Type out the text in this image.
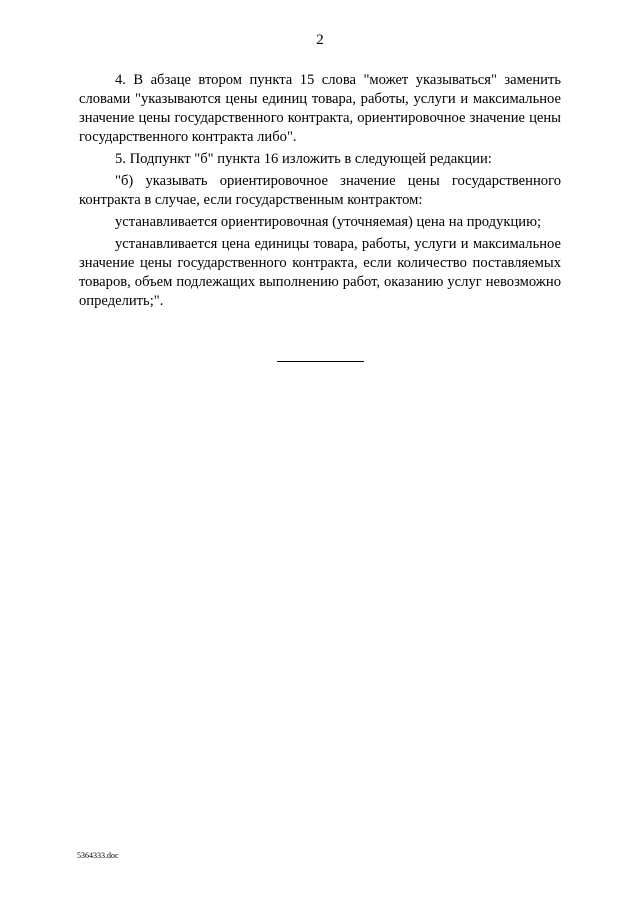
2

4. В абзаце втором пункта 15 слова "может указываться" заменить словами "указываются цены единиц товара, работы, услуги и максимальное значение цены государственного контракта, ориентировочное значение цены государственного контракта либо".

5. Подпункт "б" пункта 16 изложить в следующей редакции:

"б) указывать ориентировочное значение цены государственного контракта в случае, если государственным контрактом:

устанавливается ориентировочная (уточняемая) цена на продукцию;

устанавливается цена единицы товара, работы, услуги и максимальное значение цены государственного контракта, если количество поставляемых товаров, объем подлежащих выполнению работ, оказанию услуг невозможно определить;".

5364333.doc
